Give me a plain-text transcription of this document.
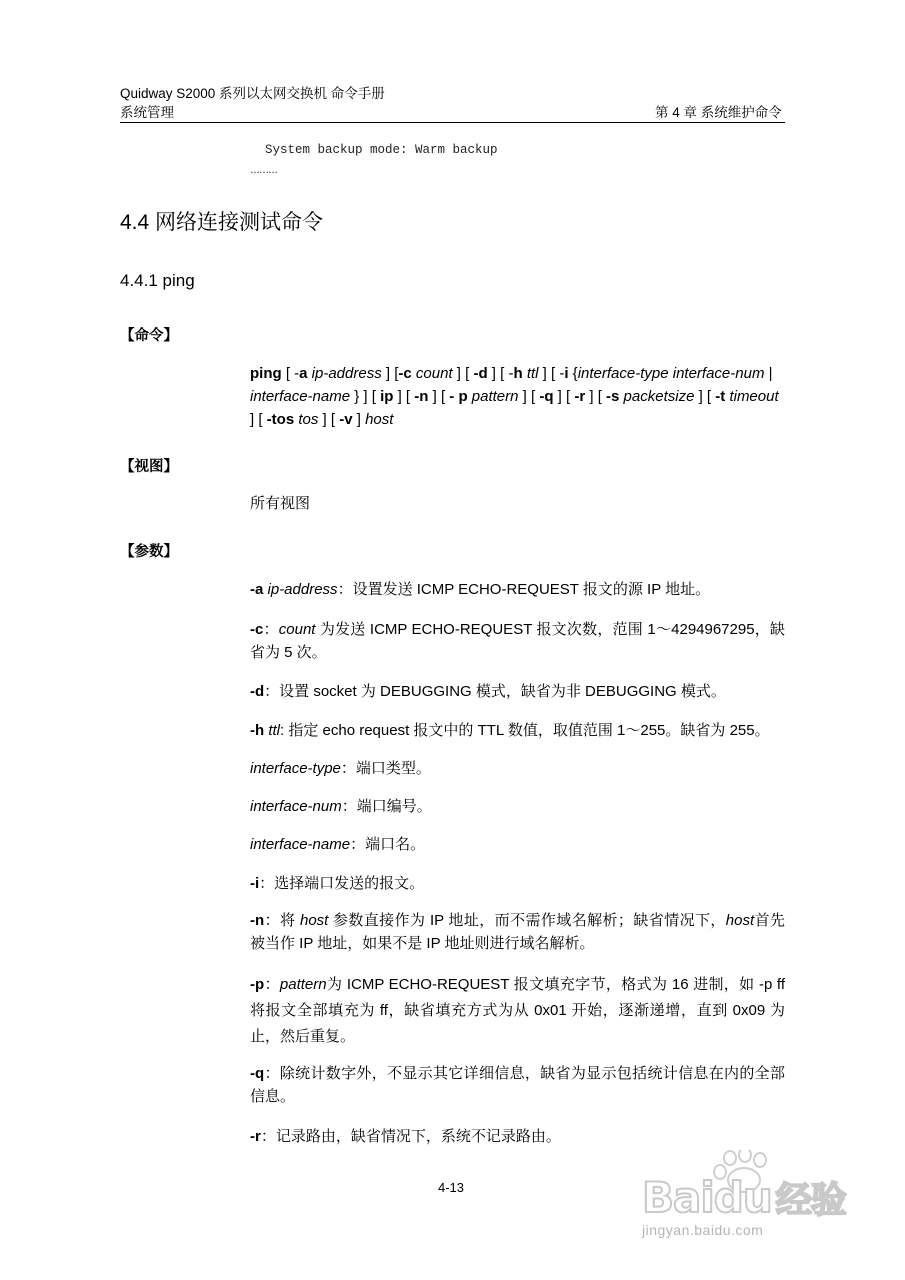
Quidway S2000 系列以太网交换机 命令手册
系统管理	第 4 章 系统维护命令
System backup mode: Warm backup
………
4.4 网络连接测试命令
4.4.1 ping
【命令】
ping [ -a ip-address ] [-c count ] [ -d ] [ -h ttl ] [ -i {interface-type interface-num | interface-name } ] [ ip ] [ -n ] [ - p pattern ] [ -q ] [ -r ] [ -s packetsize ] [ -t timeout ] [ -tos tos ] [ -v ] host
【视图】
所有视图
【参数】
-a ip-address：设置发送 ICMP ECHO-REQUEST 报文的源 IP 地址。
-c：count 为发送 ICMP ECHO-REQUEST 报文次数，范围 1～4294967295，缺省为 5 次。
-d：设置 socket 为 DEBUGGING 模式，缺省为非 DEBUGGING 模式。
-h ttl: 指定 echo request 报文中的 TTL 数值，取值范围 1～255。缺省为 255。
interface-type：端口类型。
interface-num：端口编号。
interface-name：端口名。
-i：选择端口发送的报文。
-n：将 host 参数直接作为 IP 地址，而不需作域名解析；缺省情况下，host首先被当作 IP 地址，如果不是 IP 地址则进行域名解析。
-p：pattern为 ICMP ECHO-REQUEST 报文填充字节，格式为 16 进制，如 -p ff 将报文全部填充为 ff，缺省填充方式为从 0x01 开始，逐渐递增，直到 0x09 为止，然后重复。
-q：除统计数字外，不显示其它详细信息，缺省为显示包括统计信息在内的全部信息。
-r：记录路由，缺省情况下，系统不记录路由。
4-13	Baidu 经验
jingyan.baidu.com
